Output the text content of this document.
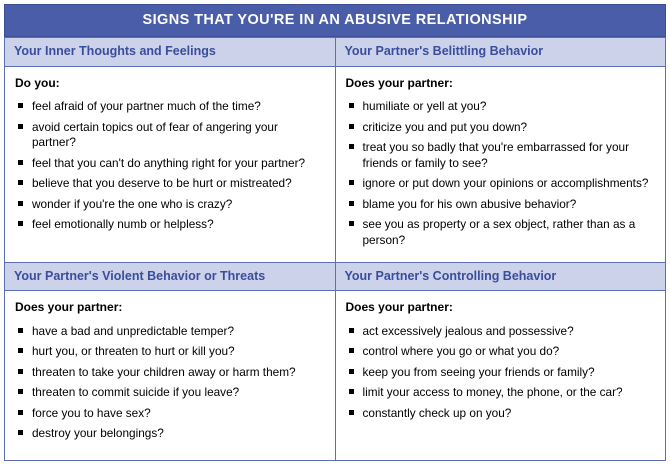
SIGNS THAT YOU'RE IN AN ABUSIVE RELATIONSHIP
Your Inner Thoughts and Feelings

Do you:

feel afraid of your partner much of the time?
avoid certain topics out of fear of angering your partner?
feel that you can't do anything right for your partner?
believe that you deserve to be hurt or mistreated?
wonder if you're the one who is crazy?
feel emotionally numb or helpless?

Your Partner's Belittling Behavior

Does your partner:

humiliate or yell at you?
criticize you and put you down?
treat you so badly that you're embarrassed for your friends or family to see?
ignore or put down your opinions or accomplishments?
blame you for his own abusive behavior?
see you as property or a sex object, rather than as a person?

Your Partner's Violent Behavior or Threats

Does your partner:

have a bad and unpredictable temper?
hurt you, or threaten to hurt or kill you?
threaten to take your children away or harm them?
threaten to commit suicide if you leave?
force you to have sex?
destroy your belongings?

Your Partner's Controlling Behavior

Does your partner:

act excessively jealous and possessive?
control where you go or what you do?
keep you from seeing your friends or family?
limit your access to money, the phone, or the car?
constantly check up on you?
